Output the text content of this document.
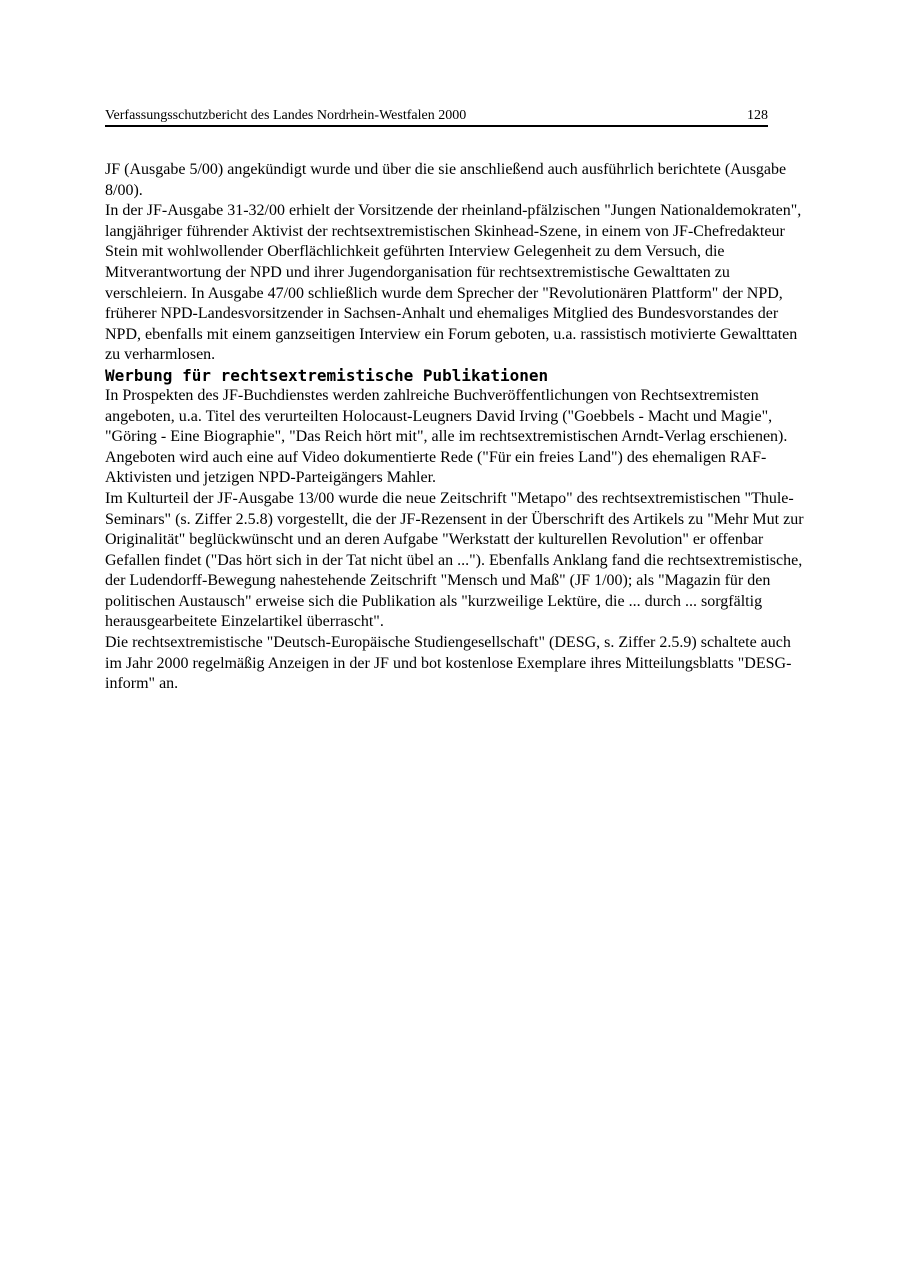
Verfassungsschutzbericht des Landes Nordrhein-Westfalen 2000	128

JF (Ausgabe 5/00) angekündigt wurde und über die sie anschließend auch ausführlich berichtete (Ausgabe 8/00).

In der JF-Ausgabe 31-32/00 erhielt der Vorsitzende der rheinland-pfälzischen "Jungen Nationaldemokraten", langjähriger führender Aktivist der rechtsextremistischen Skinhead-Szene, in einem von JF-Chefredakteur Stein mit wohlwollender Oberflächlichkeit geführten Interview Gelegenheit zu dem Versuch, die Mitverantwortung der NPD und ihrer Jugendorganisation für rechtsextremistische Gewalttaten zu verschleiern. In Ausgabe 47/00 schließlich wurde dem Sprecher der "Revolutionären Plattform" der NPD, früherer NPD-Landesvorsitzender in Sachsen-Anhalt und ehemaliges Mitglied des Bundesvorstandes der NPD, ebenfalls mit einem ganzseitigen Interview ein Forum geboten, u.a. rassistisch motivierte Gewalttaten zu verharmlosen.

Werbung für rechtsextremistische Publikationen

In Prospekten des JF-Buchdienstes werden zahlreiche Buchveröffentlichungen von Rechtsextremisten angeboten, u.a. Titel des verurteilten Holocaust-Leugners David Irving ("Goebbels - Macht und Magie", "Göring - Eine Biographie", "Das Reich hört mit", alle im rechtsextremistischen Arndt-Verlag erschienen). Angeboten wird auch eine auf Video dokumentierte Rede ("Für ein freies Land") des ehemaligen RAF-Aktivisten und jetzigen NPD-Parteigängers Mahler.

Im Kulturteil der JF-Ausgabe 13/00 wurde die neue Zeitschrift "Metapo" des rechtsextremistischen "Thule-Seminars" (s. Ziffer 2.5.8) vorgestellt, die der JF-Rezensent in der Überschrift des Artikels zu "Mehr Mut zur Originalität" beglückwünscht und an deren Aufgabe "Werkstatt der kulturellen Revolution" er offenbar Gefallen findet ("Das hört sich in der Tat nicht übel an ..."). Ebenfalls Anklang fand die rechtsextremistische, der Ludendorff-Bewegung nahestehende Zeitschrift "Mensch und Maß" (JF 1/00); als "Magazin für den politischen Austausch" erweise sich die Publikation als "kurzweilige Lektüre, die ... durch ... sorgfältig herausgearbeitete Einzelartikel überrascht".

Die rechtsextremistische "Deutsch-Europäische Studiengesellschaft" (DESG, s. Ziffer 2.5.9) schaltete auch im Jahr 2000 regelmäßig Anzeigen in der JF und bot kostenlose Exemplare ihres Mitteilungsblatts "DESG-inform" an.
